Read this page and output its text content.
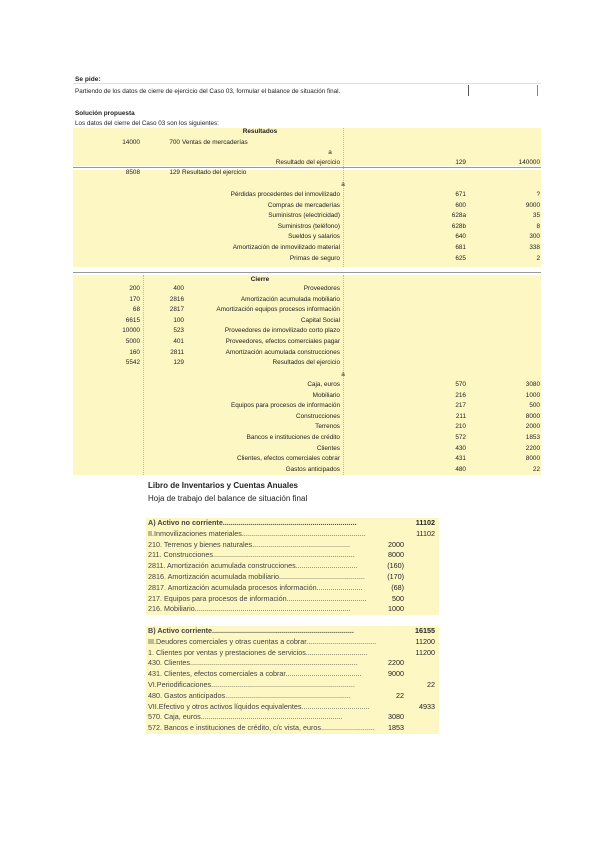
Se pide:
Partiendo de los datos de cierre de ejercicio del Caso 03, formular el balance de situación final.
Solución propuesta
Los datos del cierre del Caso 03 son los siguientes:
Resultados
14000	700 Ventas de mercaderías
a
Resultado del ejercicio	129	140000
8508	129 Resultado del ejercicio
a
Pérdidas procedentes del inmovilizado	671	?
Compras de mercaderías	600	9000
Suministros (electricidad)	628a	35
Suministros (teléfono)	628b	8
Sueldos y salarios	640	300
Amortización de inmovilizado material	681	338
Primas de seguro	625	2
Cierre
200	400	Proveedores
170	2816	Amortización acumulada mobiliario
68	2817	Amortización equipos procesos información
6615	100	Capital Social
10000	523	Proveedores de inmovilizado corto plazo
5000	401	Proveedores, efectos comerciales pagar
160	2811	Amortización acumulada construcciones
5542	129	Resultados del ejercicio
a
Caja, euros	570	3080
Mobiliario	216	1000
Equipos para procesos de información	217	500
Construcciones	211	8000
Terrenos	210	2000
Bancos e instituciones de crédito	572	1853
Clientes	430	2200
Clientes, efectos comerciales cobrar	431	8000
Gastos anticipados	480	22
Libro de Inventarios y Cuentas Anuales
Hoja de trabajo del balance de situación final
A) Activo no corriente...................................................................	11102
II.Inmovilizaciones materiales..............................................................	11102
210. Terrenos y bienes naturales.................................................	2000
211. Construcciones.......................................................................	8000
2811. Amortización acumulada construcciones...............................	(160)
2816. Amortización acumulada mobiliario...........................................	(170)
2817. Amortización acumulada procesos información.......................	(68)
217. Equipos para procesos de información........................................	500
216. Mobiliario..............................................................................	1000
B) Activo corriente.......................................................................	16155
III.Deudores comerciales y otras cuentas a cobrar...................................	11200
1. Clientes por ventas y prestaciones de servicios...............................	11200
430. Clientes....................................................................................	2200
431. Clientes, efectos comerciales a cobrar......................................	9000
VI.Periodificaciones........................................................................	22
480. Gastos anticipados...............................................................	22
VII.Efectivo y otros activos líquidos equivalentes..................................	4933
570. Caja, euros.......................................................................	3080
572. Bancos e instituciones de crédito, c/c vista, euros........................... 1853
